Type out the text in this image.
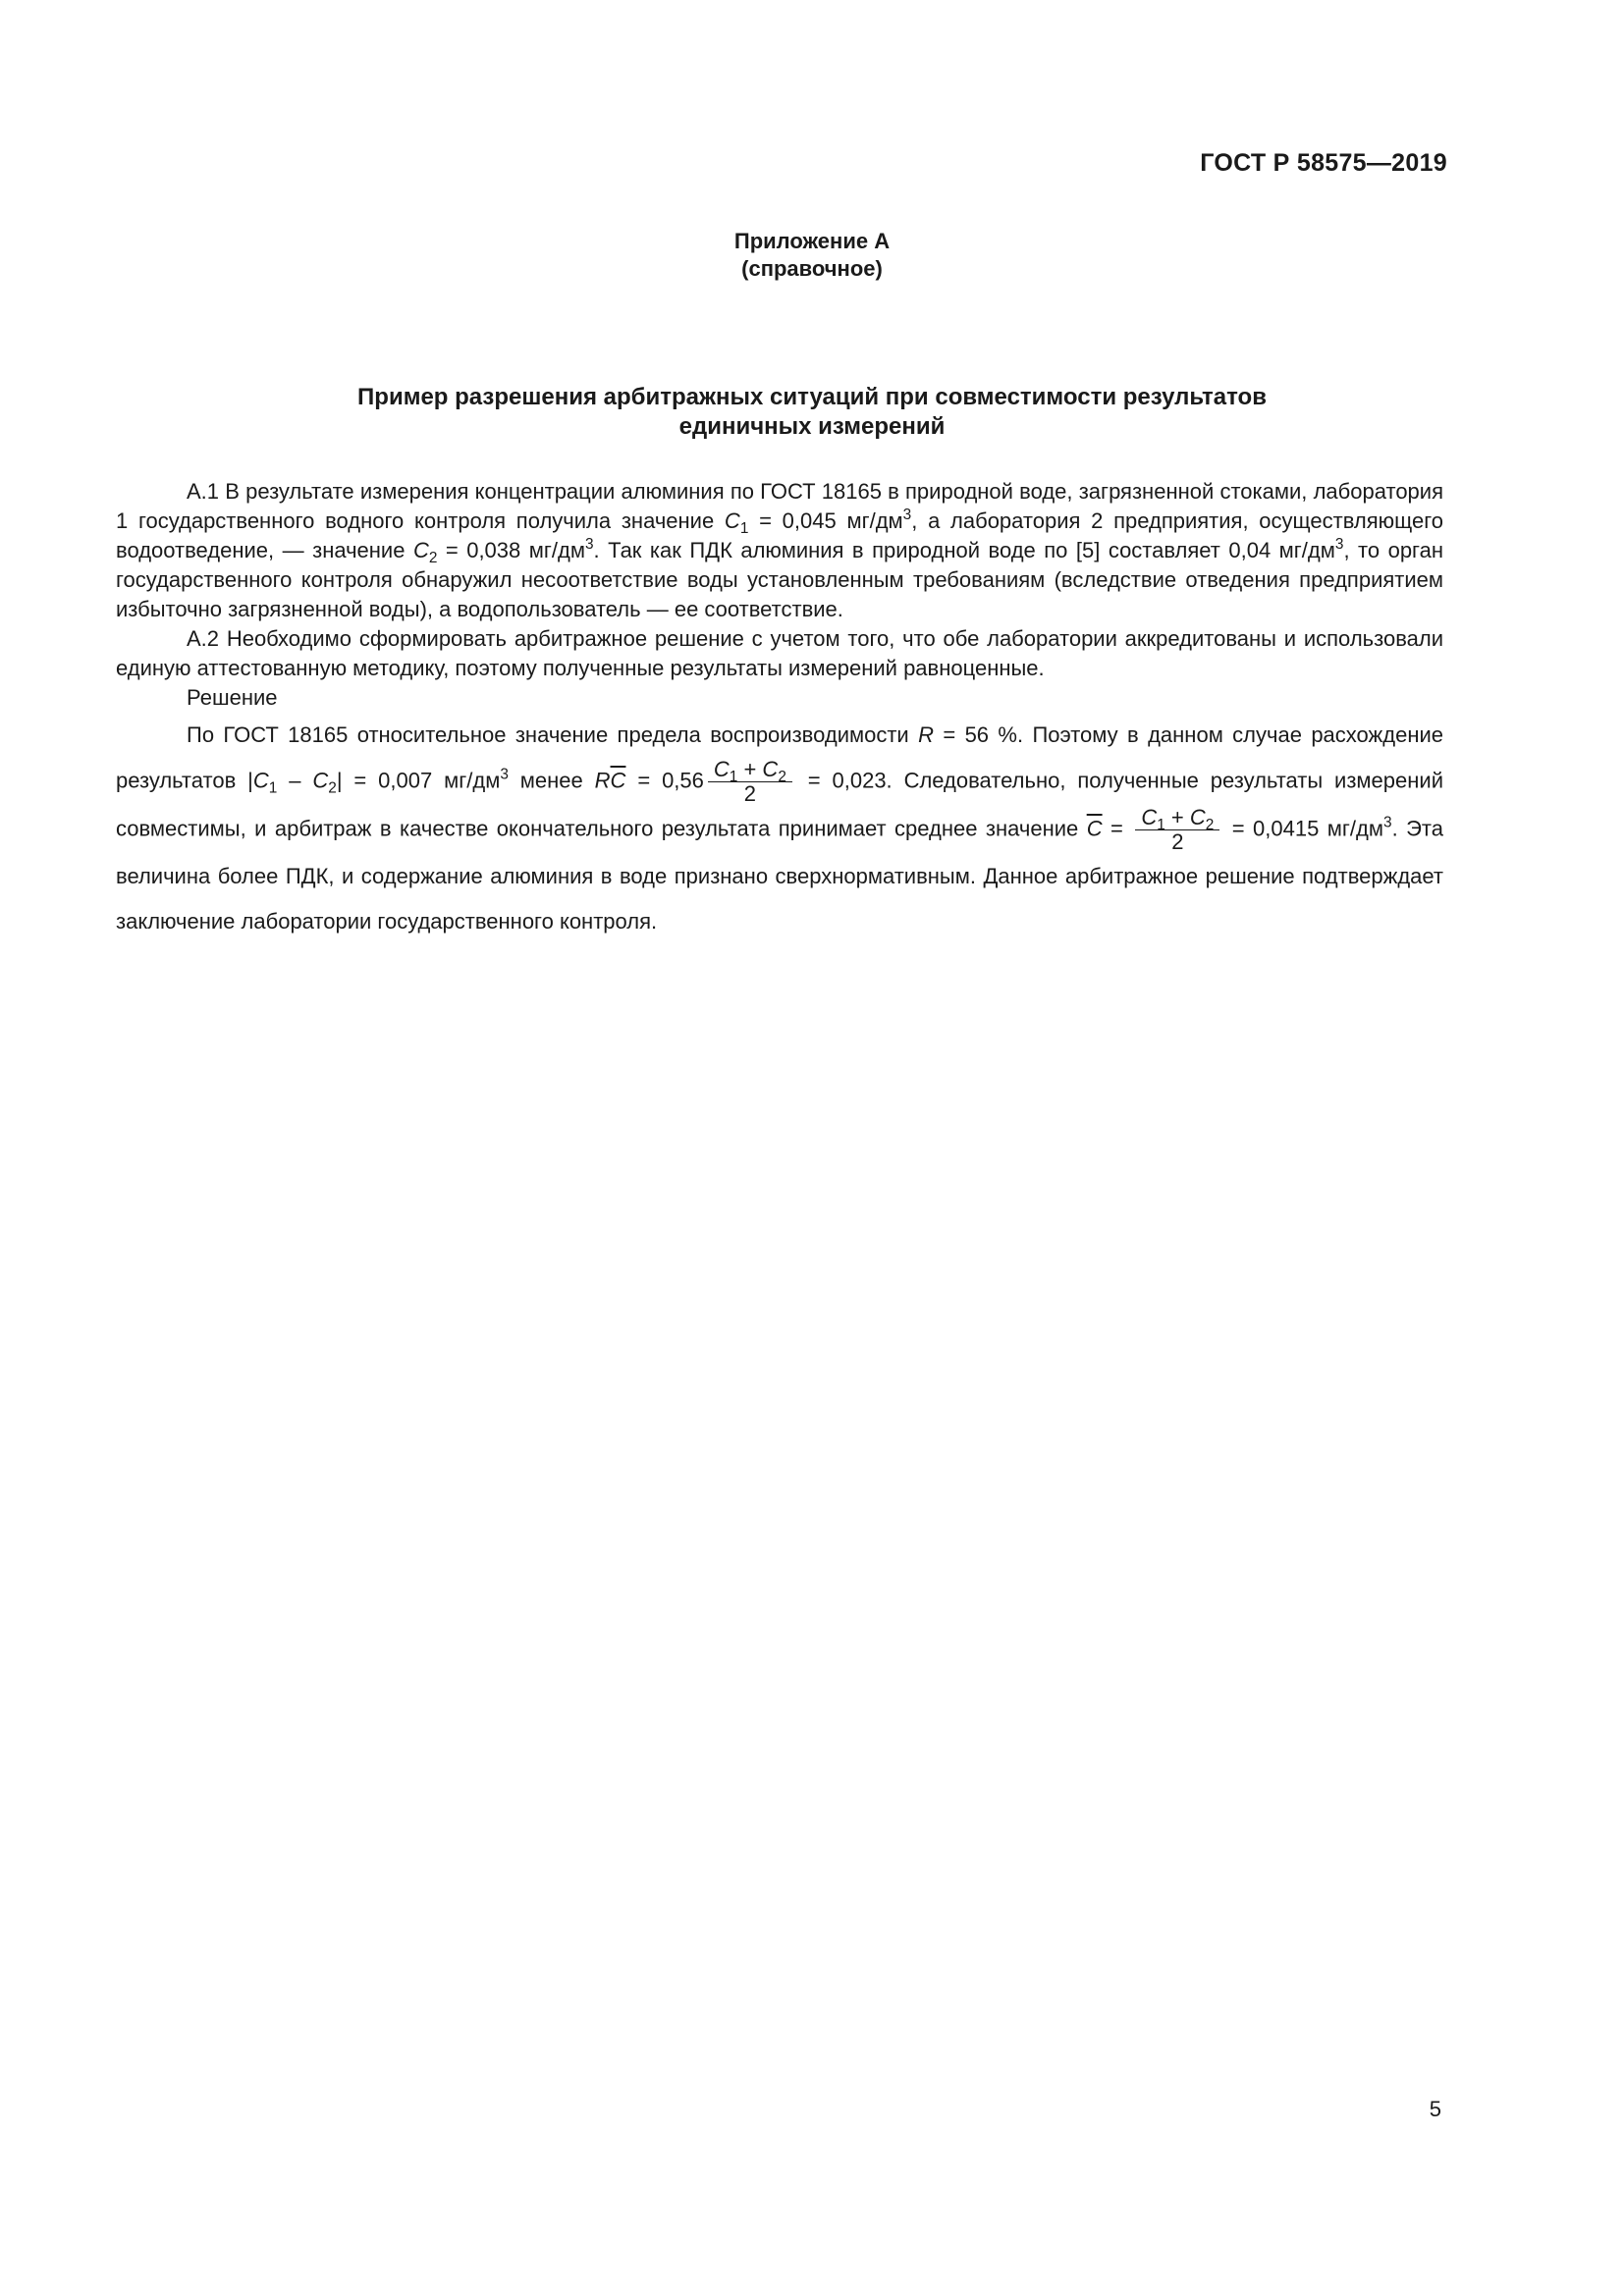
ГОСТ Р 58575—2019
Приложение А
(справочное)
Пример разрешения арбитражных ситуаций при совместимости результатов
единичных измерений

А.1 В результате измерения концентрации алюминия по ГОСТ 18165 в природной воде, загрязненной стоками, лаборатория 1 государственного водного контроля получила значение $C_1 = 0,045$ $мг/дм^3$, а лаборатория 2 предприятия, осуществляющего водоотведение, — значение $C_2 = 0,038$ $мг/дм^3$. Так как ПДК алюминия в природной воде по [5] составляет 0,04 $мг/дм^3$, то орган государственного контроля обнаружил несоответствие воды установленным требованиям (вследствие отведения предприятием избыточно загрязненной воды), а водопользователь — ее соответствие.

А.2 Необходимо сформировать арбитражное решение с учетом того, что обе лаборатории аккредитованы и использовали единую аттестованную методику, поэтому полученные результаты измерений равноценные.

Решение

По ГОСТ 18165 относительное значение предела воспроизводимости R = 56 %. Поэтому в данном случае расхождение результатов $|C_1 - C_2| = 0,007$ $мг/дм^3$ менее $R\overline{C} = 0,56 \frac{C_1 + C_2}{2} = 0,023$. Следовательно, полученные результаты измерений совместимы, и арбитраж в качестве окончательного результата принимает среднее значение $\overline{C} = \frac{C_1 + C_2}{2} = 0,0415$ $мг/дм^3$. Эта величина более ПДК, и содержание алюминия в воде признано сверхнормативным. Данное арбитражное решение подтверждает заключение лаборатории государственного контроля.

5
